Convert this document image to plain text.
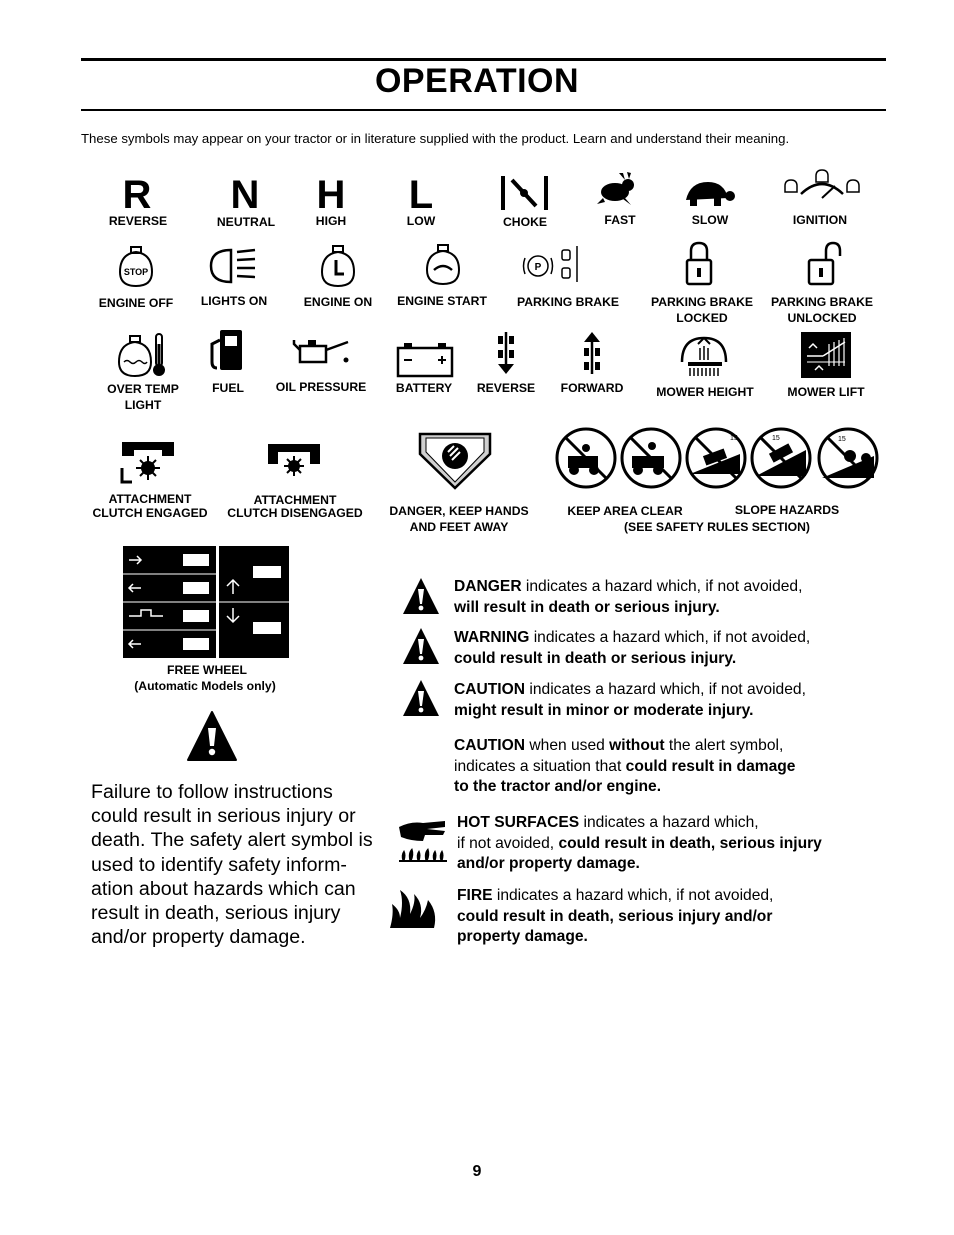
OPERATION
These symbols may appear on your tractor or in literature supplied with the product. Learn and understand their meaning.
R
REVERSE
N
NEUTRAL
H
HIGH
L
LOW	CHOKE	FAST	SLOW	IGNITION
STOP
ENGINE OFF LIGHTS ON	ENGINE ON ENGINE START
P
PARKING BRAKE	PARKING BRAKE
LOCKED
PARKING BRAKE
UNLOCKED
OVER TEMP
LIGHT
FUEL	OIL PRESSURE BATTERY REVERSE FORWARD	MOWER HEIGHT	MOWER LIFT
ATTACHMENT
CLUTCH ENGAGED
ATTACHMENT
CLUTCH DISENGAGED DANGER, KEEP HANDS
AND FEET AWAY
15	15	15
KEEP AREA CLEAR	SLOPE HAZARDS
(SEE SAFETY RULES SECTION)
FREE WHEEL
(Automatic Models only)
Failure to follow instructions could result in serious injury or death. The safety alert symbol is used to identify safety inform-ation about hazards which can result in death, serious injury and/or property damage.
DANGER indicates a hazard which, if not avoided,
will result in death or serious injury.
WARNING indicates a hazard which, if not avoided,
could result in death or serious injury.
CAUTION indicates a hazard which, if not avoided,
might result in minor or moderate injury.
CAUTION when used without the alert symbol,
indicates a situation that could result in damage
to the tractor and/or engine.
HOT SURFACES indicates a hazard which,
if not avoided, could result in death, serious injury
and/or property damage.
FIRE indicates a hazard which, if not avoided,
could result in death, serious injury and/or
property damage.
9
